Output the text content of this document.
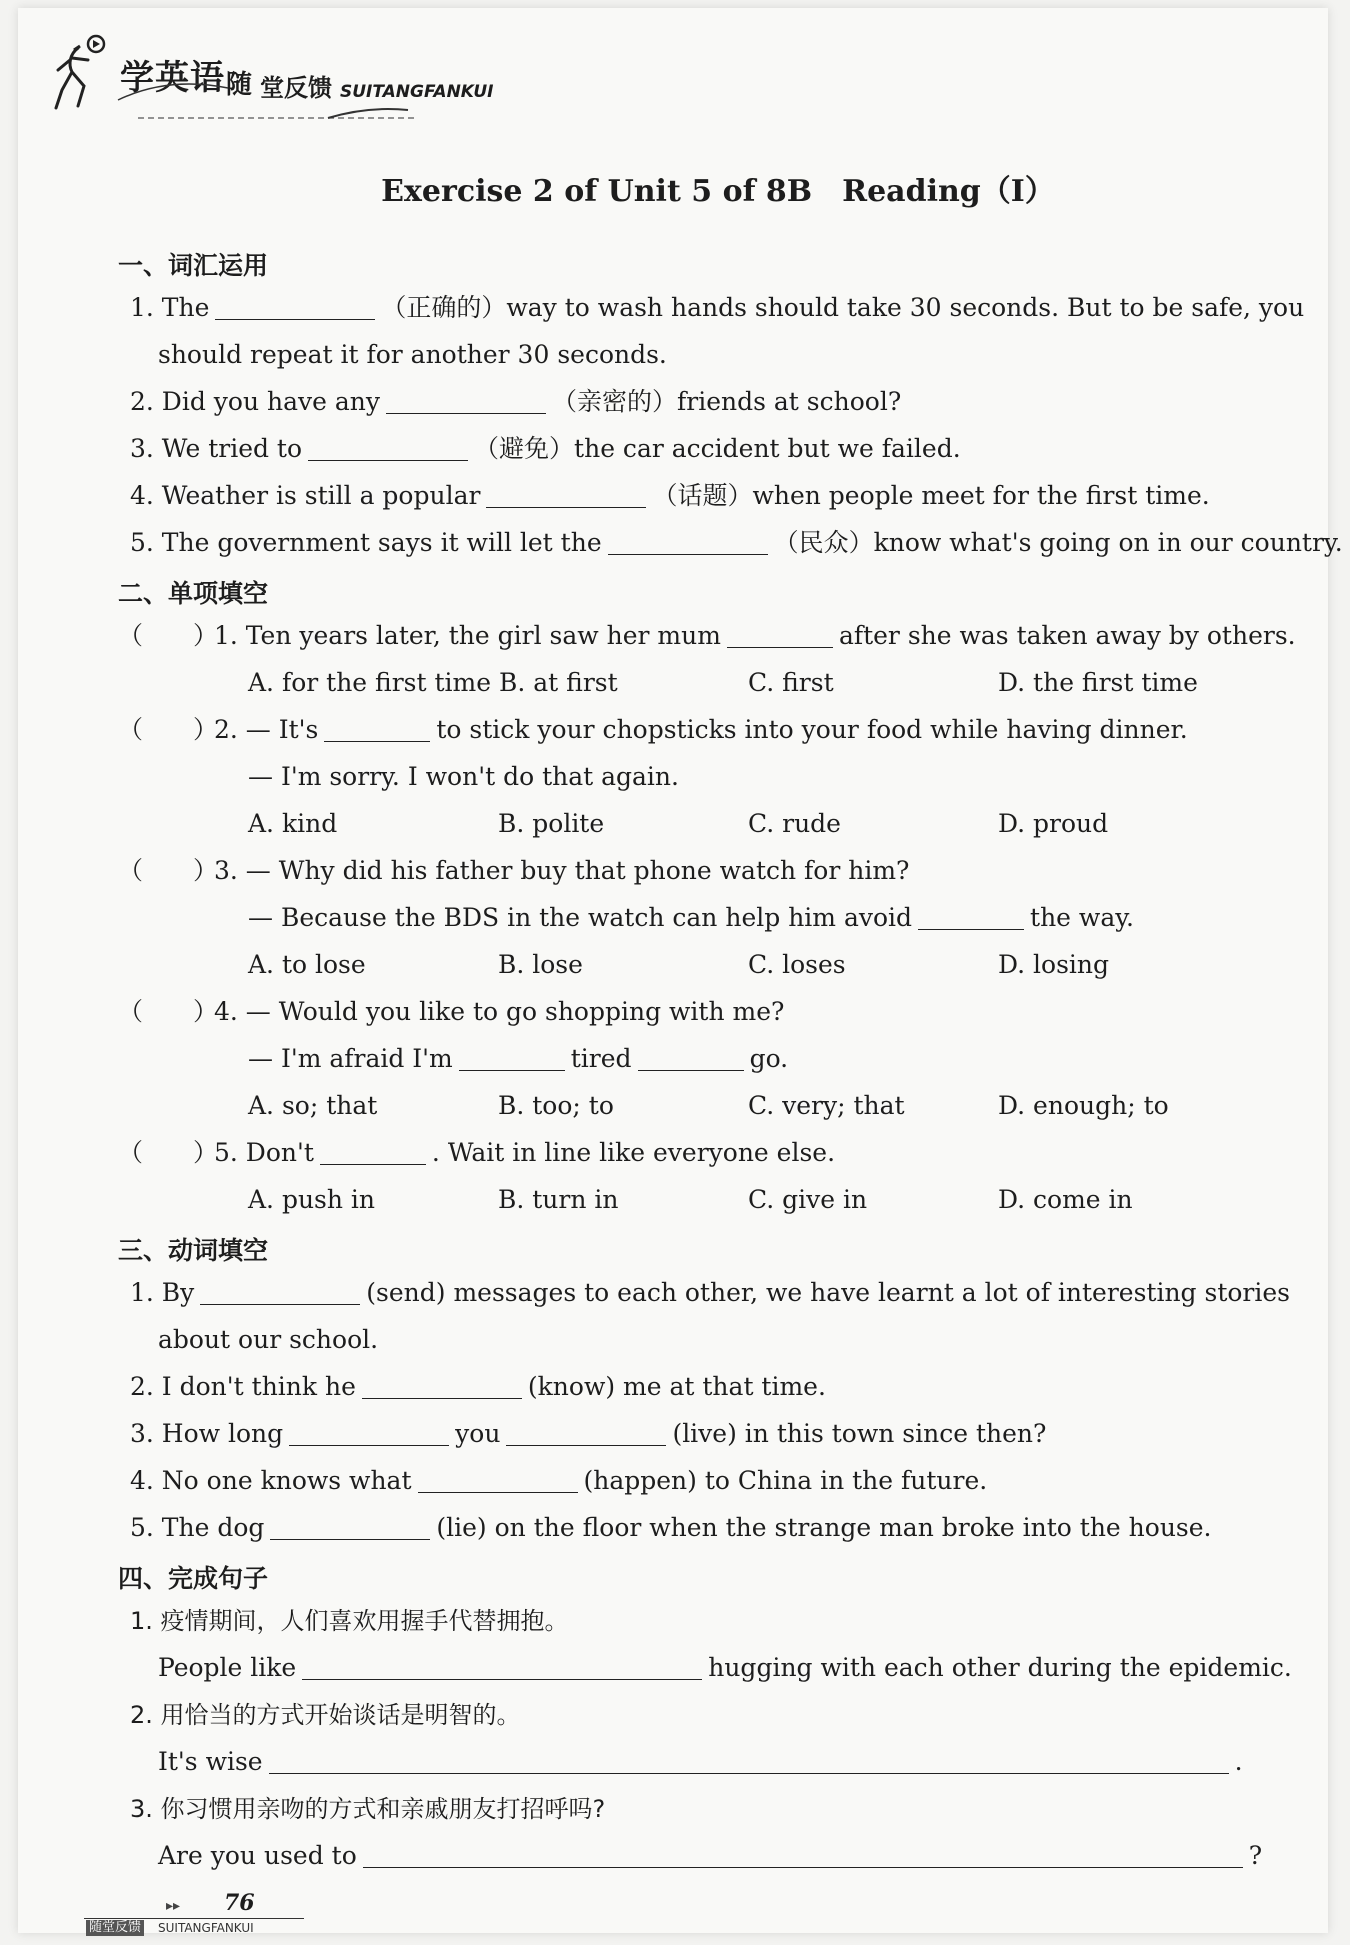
学英语 随 堂反馈 SUITANGFANKUI
Exercise 2 of Unit 5 of 8B　Reading（Ⅰ）
一、词汇运用
1. The	（正确的）way to wash hands should take 30 seconds. But to be safe, you
should repeat it for another 30 seconds.
2. Did you have any	（亲密的）friends at school?
3. We tried to	（避免）the car accident but we failed.
4. Weather is still a popular	（话题）when people meet for the first time.
5. The government says it will let the	（民众）know what's going on in our country.
二、单项填空
（　　）
1. Ten years later, the girl saw her mum	after she was taken away by others.
A. for the first time B. at first	C. first	D. the first time
（　　）
2. — It's	to stick your chopsticks into your food while having dinner.
— I'm sorry. I won't do that again.
A. kind	B. polite	C. rude	D. proud
（　　）
3. — Why did his father buy that phone watch for him?
— Because the BDS in the watch can help him avoid	the way.
A. to lose	B. lose	C. loses	D. losing
（　　）
4. — Would you like to go shopping with me?
— I'm afraid I'm	tired	go.
A. so; that	B. too; to	C. very; that	D. enough; to
（　　）
5. Don't	. Wait in line like everyone else.
A. push in	B. turn in	C. give in	D. come in
三、动词填空
1. By	(send) messages to each other, we have learnt a lot of interesting stories
about our school.
2. I don't think he	(know) me at that time.
3. How long	you	(live) in this town since then?
4. No one knows what	(happen) to China in the future.
5. The dog	(lie) on the floor when the strange man broke into the house.
四、完成句子
1. 疫情期间，人们喜欢用握手代替拥抱。
People like	hugging with each other during the epidemic.
2. 用恰当的方式开始谈话是明智的。
It's wise	.
3. 你习惯用亲吻的方式和亲戚朋友打招呼吗?
Are you used to	?
▸▸ 76
随堂反馈 SUITANGFANKUI
